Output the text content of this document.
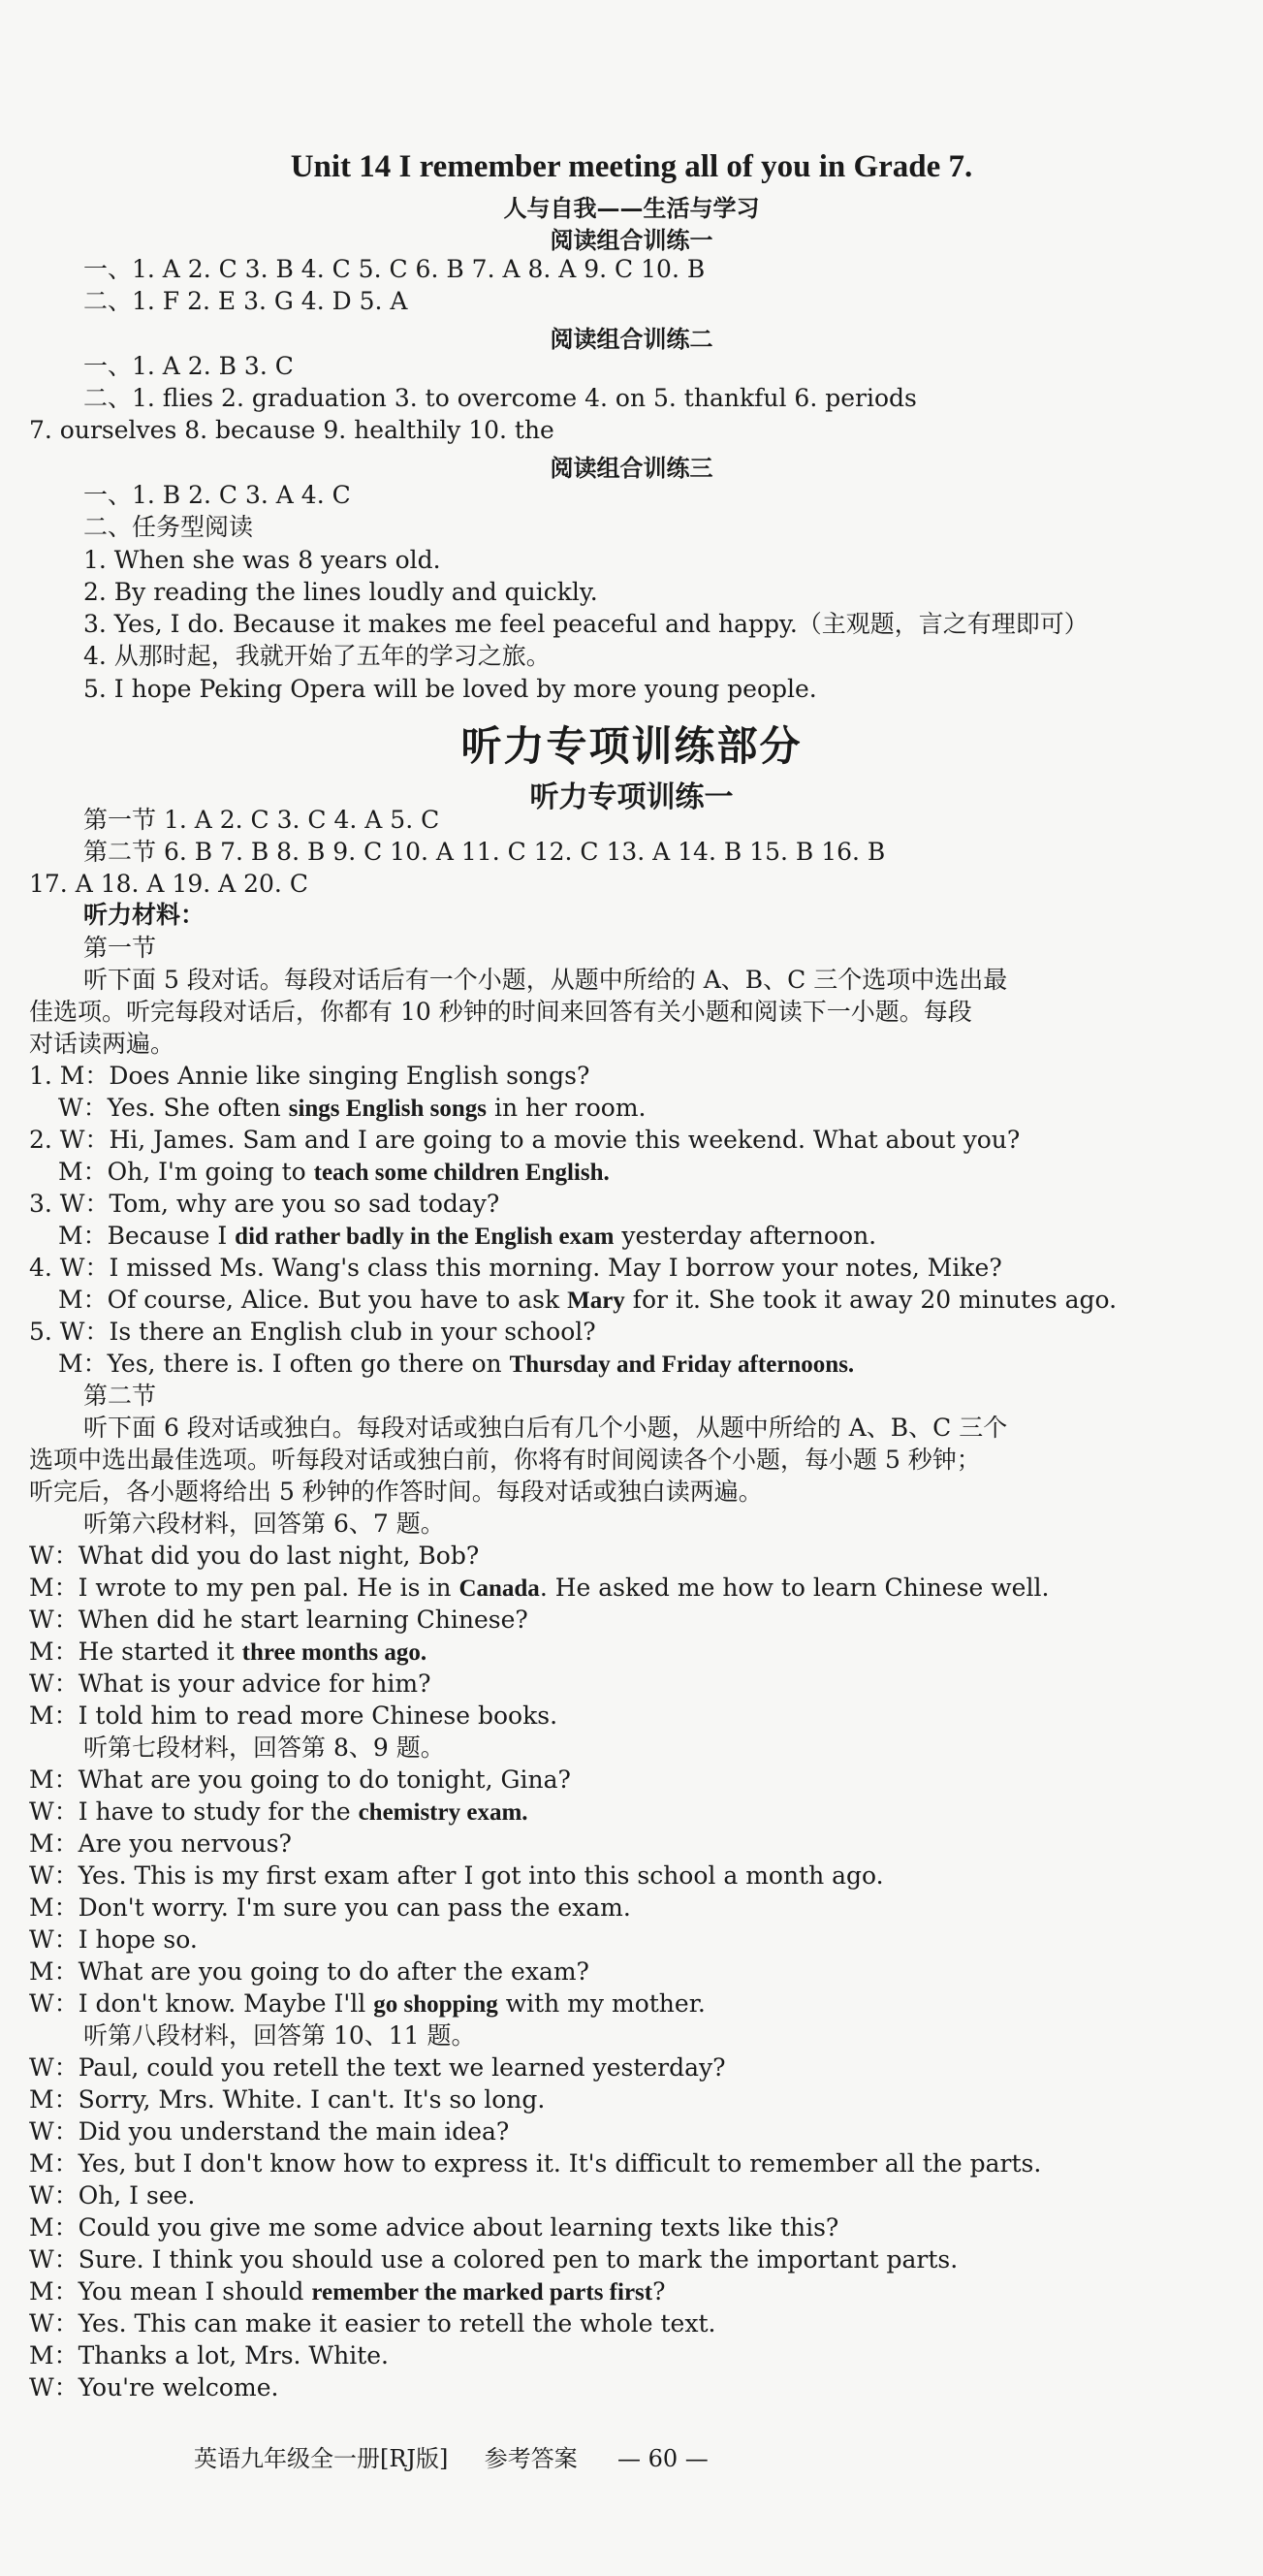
Unit 14 I remember meeting all of you in Grade 7.
人与自我——生活与学习
阅读组合训练一
一、1. A 2. C 3. B 4. C 5. C 6. B 7. A 8. A 9. C 10. B
二、1. F 2. E 3. G 4. D 5. A
阅读组合训练二
一、1. A 2. B 3. C
二、1. flies 2. graduation 3. to overcome 4. on 5. thankful 6. periods
7. ourselves 8. because 9. healthily 10. the
阅读组合训练三
一、1. B 2. C 3. A 4. C
二、任务型阅读
1. When she was 8 years old.
2. By reading the lines loudly and quickly.
3. Yes, I do. Because it makes me feel peaceful and happy.（主观题，言之有理即可）
4. 从那时起，我就开始了五年的学习之旅。
5. I hope Peking Opera will be loved by more young people.
听力专项训练部分
听力专项训练一
第一节 1. A 2. C 3. C 4. A 5. C
第二节 6. B 7. B 8. B 9. C 10. A 11. C 12. C 13. A 14. B 15. B 16. B
17. A 18. A 19. A 20. C
听力材料：
第一节
听下面 5 段对话。每段对话后有一个小题，从题中所给的 A、B、C 三个选项中选出最
佳选项。听完每段对话后，你都有 10 秒钟的时间来回答有关小题和阅读下一小题。每段
对话读两遍。
1. M：Does Annie like singing English songs?
W：Yes. She often sings English songs in her room.
2. W：Hi, James. Sam and I are going to a movie this weekend. What about you?
M：Oh, I'm going to teach some children English.
3. W：Tom, why are you so sad today?
M：Because I did rather badly in the English exam yesterday afternoon.
4. W：I missed Ms. Wang's class this morning. May I borrow your notes, Mike?
M：Of course, Alice. But you have to ask Mary for it. She took it away 20 minutes ago.
5. W：Is there an English club in your school?
M：Yes, there is. I often go there on Thursday and Friday afternoons.
第二节
听下面 6 段对话或独白。每段对话或独白后有几个小题，从题中所给的 A、B、C 三个
选项中选出最佳选项。听每段对话或独白前，你将有时间阅读各个小题，每小题 5 秒钟；
听完后，各小题将给出 5 秒钟的作答时间。每段对话或独白读两遍。
听第六段材料，回答第 6、7 题。
W：What did you do last night, Bob?
M：I wrote to my pen pal. He is in Canada. He asked me how to learn Chinese well.
W：When did he start learning Chinese?
M：He started it three months ago.
W：What is your advice for him?
M：I told him to read more Chinese books.
听第七段材料，回答第 8、9 题。
M：What are you going to do tonight, Gina?
W：I have to study for the chemistry exam.
M：Are you nervous?
W：Yes. This is my first exam after I got into this school a month ago.
M：Don't worry. I'm sure you can pass the exam.
W：I hope so.
M：What are you going to do after the exam?
W：I don't know. Maybe I'll go shopping with my mother.
听第八段材料，回答第 10、11 题。
W：Paul, could you retell the text we learned yesterday?
M：Sorry, Mrs. White. I can't. It's so long.
W：Did you understand the main idea?
M：Yes, but I don't know how to express it. It's difficult to remember all the parts.
W：Oh, I see.
M：Could you give me some advice about learning texts like this?
W：Sure. I think you should use a colored pen to mark the important parts.
M：You mean I should remember the marked parts first?
W：Yes. This can make it easier to retell the whole text.
M：Thanks a lot, Mrs. White.
W：You're welcome.
英语九年级全一册[RJ版] 参考答案 — 60 —
